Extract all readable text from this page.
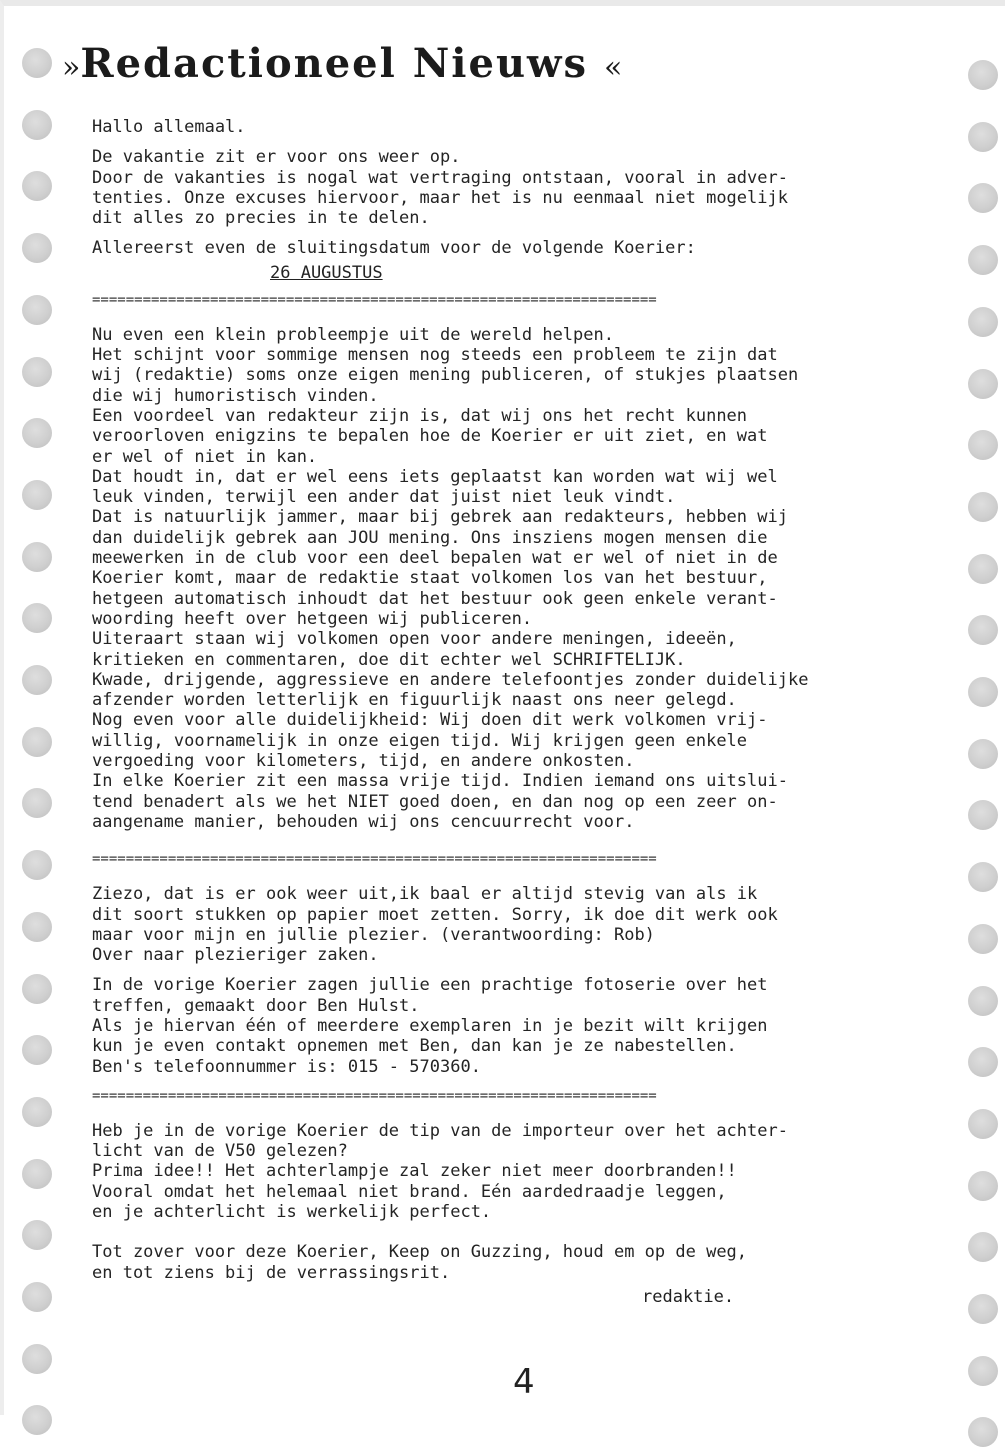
»Redactioneel Nieuws «
Hallo allemaal.
De vakantie zit er voor ons weer op.
Door de vakanties is nogal wat vertraging ontstaan, vooral in adver-
tenties. Onze excuses hiervoor, maar het is nu eenmaal niet mogelijk
dit alles zo precies in te delen.
Allereerst even de sluitingsdatum voor de volgende Koerier:
26 AUGUSTUS
===================================================================
Nu even een klein probleempje uit de wereld helpen.
Het schijnt voor sommige mensen nog steeds een probleem te zijn dat
wij (redaktie) soms onze eigen mening publiceren, of stukjes plaatsen
die wij humoristisch vinden.
Een voordeel van redakteur zijn is, dat wij ons het recht kunnen
veroorloven enigzins te bepalen hoe de Koerier er uit ziet, en wat
er wel of niet in kan.
Dat houdt in, dat er wel eens iets geplaatst kan worden wat wij wel
leuk vinden, terwijl een ander dat juist niet leuk vindt.
Dat is natuurlijk jammer, maar bij gebrek aan redakteurs, hebben wij
dan duidelijk gebrek aan JOU mening. Ons insziens mogen mensen die
meewerken in de club voor een deel bepalen wat er wel of niet in de
Koerier komt, maar de redaktie staat volkomen los van het bestuur,
hetgeen automatisch inhoudt dat het bestuur ook geen enkele verant-
woording heeft over hetgeen wij publiceren.
Uiteraart staan wij volkomen open voor andere meningen, ideeën,
kritieken en commentaren, doe dit echter wel SCHRIFTELIJK.
Kwade, drijgende, aggressieve en andere telefoontjes zonder duidelijke
afzender worden letterlijk en figuurlijk naast ons neer gelegd.
Nog even voor alle duidelijkheid: Wij doen dit werk volkomen vrij-
willig, voornamelijk in onze eigen tijd. Wij krijgen geen enkele
vergoeding voor kilometers, tijd, en andere onkosten.
In elke Koerier zit een massa vrije tijd. Indien iemand ons uitslui-
tend benadert als we het NIET goed doen, en dan nog op een zeer on-
aangename manier, behouden wij ons cencuurrecht voor.
===================================================================
Ziezo, dat is er ook weer uit,ik baal er altijd stevig van als ik
dit soort stukken op papier moet zetten. Sorry, ik doe dit werk ook
maar voor mijn en jullie plezier. (verantwoording: Rob)
Over naar plezieriger zaken.
In de vorige Koerier zagen jullie een prachtige fotoserie over het
treffen, gemaakt door Ben Hulst.
Als je hiervan één of meerdere exemplaren in je bezit wilt krijgen
kun je even contakt opnemen met Ben, dan kan je ze nabestellen.
Ben's telefoonnummer is: 015 - 570360.
===================================================================
Heb je in de vorige Koerier de tip van de importeur over het achter-
licht van de V50 gelezen?
Prima idee!! Het achterlampje zal zeker niet meer doorbranden!!
Vooral omdat het helemaal niet brand. Eén aardedraadje leggen,
en je achterlicht is werkelijk perfect.
Tot zover voor deze Koerier, Keep on Guzzing, houd em op de weg,
en tot ziens bij de verrassingsrit.
redaktie.
4
